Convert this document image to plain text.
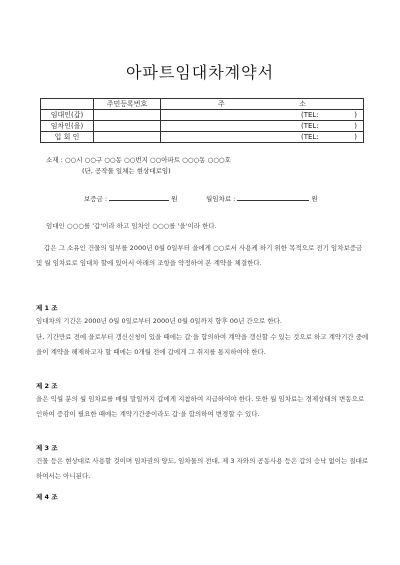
아파트임대차계약서
	주민등록번호	주 소
임대인(갑)		(TEL: )

임차인(을)		(TEL: )

입 회 인		(TEL: )
소재 : ○○시 ○○구 ○○동 ○○번지 ○○아파트 ○○○동 ○○○호
(단, 공작물 일체는 현상대로임)
보증금 :	원	월임차료 :	원
임대인 ○○○를 '갑'이라 하고 임차인 ○○○를 '을'이라 한다.
갑은 그 소유인 건물의 일부를 2000년 0월 0일부터 을에게 ○○로서 사용케 하기 위한 목적으로 전기 임차보증금 및 월 임차료로 임대차 할에 있어서 아래의 조항을 약정하여 본 계약을 체결한다.
제 1 조
임대차의 기간은 2000년 0월 0일로부터 2000년 0월 0일까지 향후 00년 간으로 한다.
단, 기간만료 전에 을로부터 갱신신청이 있을 때에는 갑·을 합의하여 계약을 갱신할 수 있는 것으로 하고 계약기간 중에 을이 계약을 해제하고자 할 때에는 0개월 전에 갑에게 그 취지를 통지하여야 한다.
제 2 조
을은 익월 분의 월 임차료를 매월 말일까지 갑에게 지참하여 지급하여야 한다. 또한 월 임차료는 경제상태의 변동으로 인하여 증감이 필요한 때에는 계약기간중이라도 갑·을 합의하여 변경할 수 있다.
제 3 조
건물 등은 현상대로 사용할 것이며 임차권의 양도, 임차물의 전대, 제 3 자와의 공동사용 등은 갑의 승낙 없이는 절대로 하여서는 아니된다.
제 4 조
